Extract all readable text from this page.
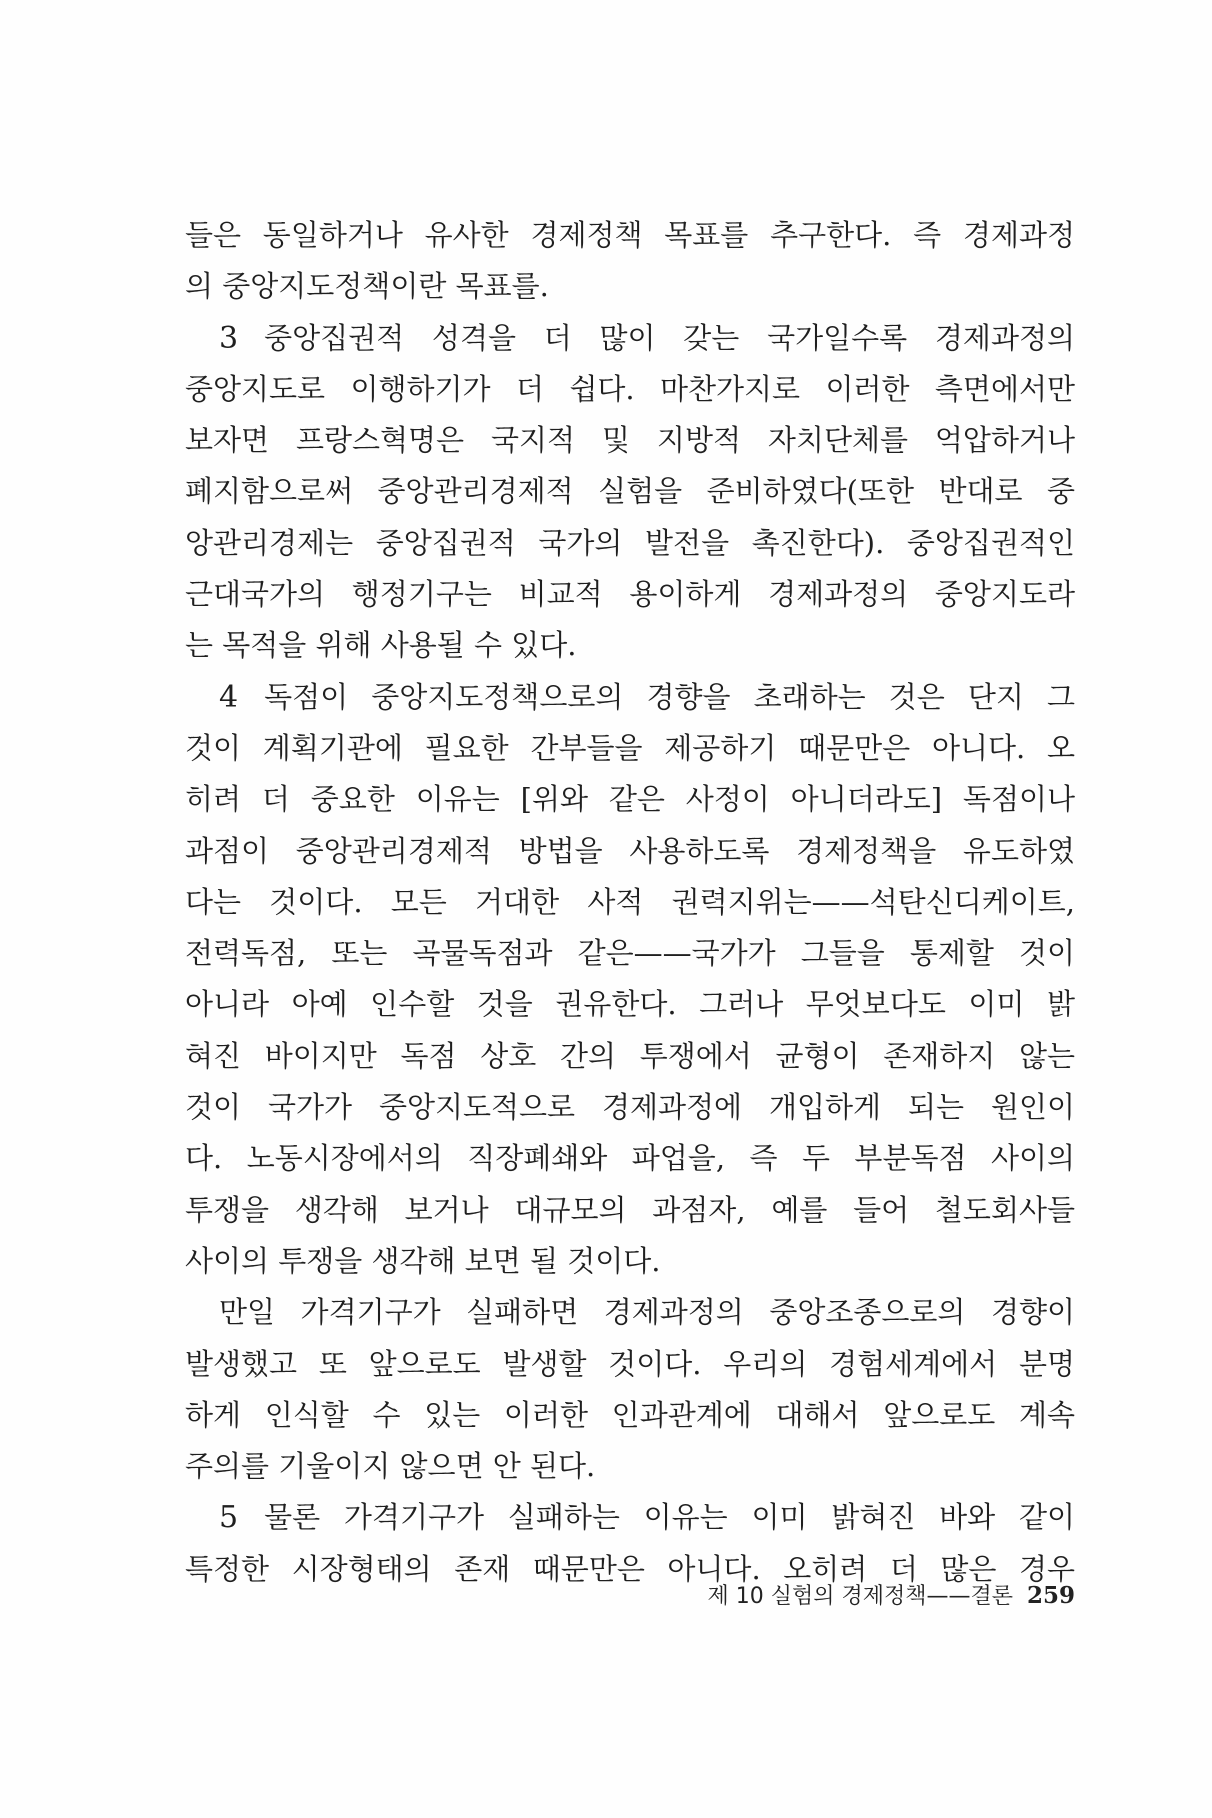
들은 동일하거나 유사한 경제정책 목표를 추구한다. 즉 경제과정
의 중앙지도정책이란 목표를.
3 중앙집권적 성격을 더 많이 갖는 국가일수록 경제과정의
중앙지도로 이행하기가 더 쉽다. 마찬가지로 이러한 측면에서만
보자면 프랑스혁명은 국지적 및 지방적 자치단체를 억압하거나
폐지함으로써 중앙관리경제적 실험을 준비하였다(또한 반대로 중
앙관리경제는 중앙집권적 국가의 발전을 촉진한다). 중앙집권적인
근대국가의 행정기구는 비교적 용이하게 경제과정의 중앙지도라
는 목적을 위해 사용될 수 있다.
4 독점이 중앙지도정책으로의 경향을 초래하는 것은 단지 그
것이 계획기관에 필요한 간부들을 제공하기 때문만은 아니다. 오
히려 더 중요한 이유는 [위와 같은 사정이 아니더라도] 독점이나
과점이 중앙관리경제적 방법을 사용하도록 경제정책을 유도하였
다는 것이다. 모든 거대한 사적 권력지위는——석탄신디케이트,
전력독점, 또는 곡물독점과 같은——국가가 그들을 통제할 것이
아니라 아예 인수할 것을 권유한다. 그러나 무엇보다도 이미 밝
혀진 바이지만 독점 상호 간의 투쟁에서 균형이 존재하지 않는
것이 국가가 중앙지도적으로 경제과정에 개입하게 되는 원인이
다. 노동시장에서의 직장폐쇄와 파업을, 즉 두 부분독점 사이의
투쟁을 생각해 보거나 대규모의 과점자, 예를 들어 철도회사들
사이의 투쟁을 생각해 보면 될 것이다.
만일 가격기구가 실패하면 경제과정의 중앙조종으로의 경향이
발생했고 또 앞으로도 발생할 것이다. 우리의 경험세계에서 분명
하게 인식할 수 있는 이러한 인과관계에 대해서 앞으로도 계속
주의를 기울이지 않으면 안 된다.
5 물론 가격기구가 실패하는 이유는 이미 밝혀진 바와 같이
특정한 시장형태의 존재 때문만은 아니다. 오히려 더 많은 경우
제 10 실험의 경제정책——결론 259
